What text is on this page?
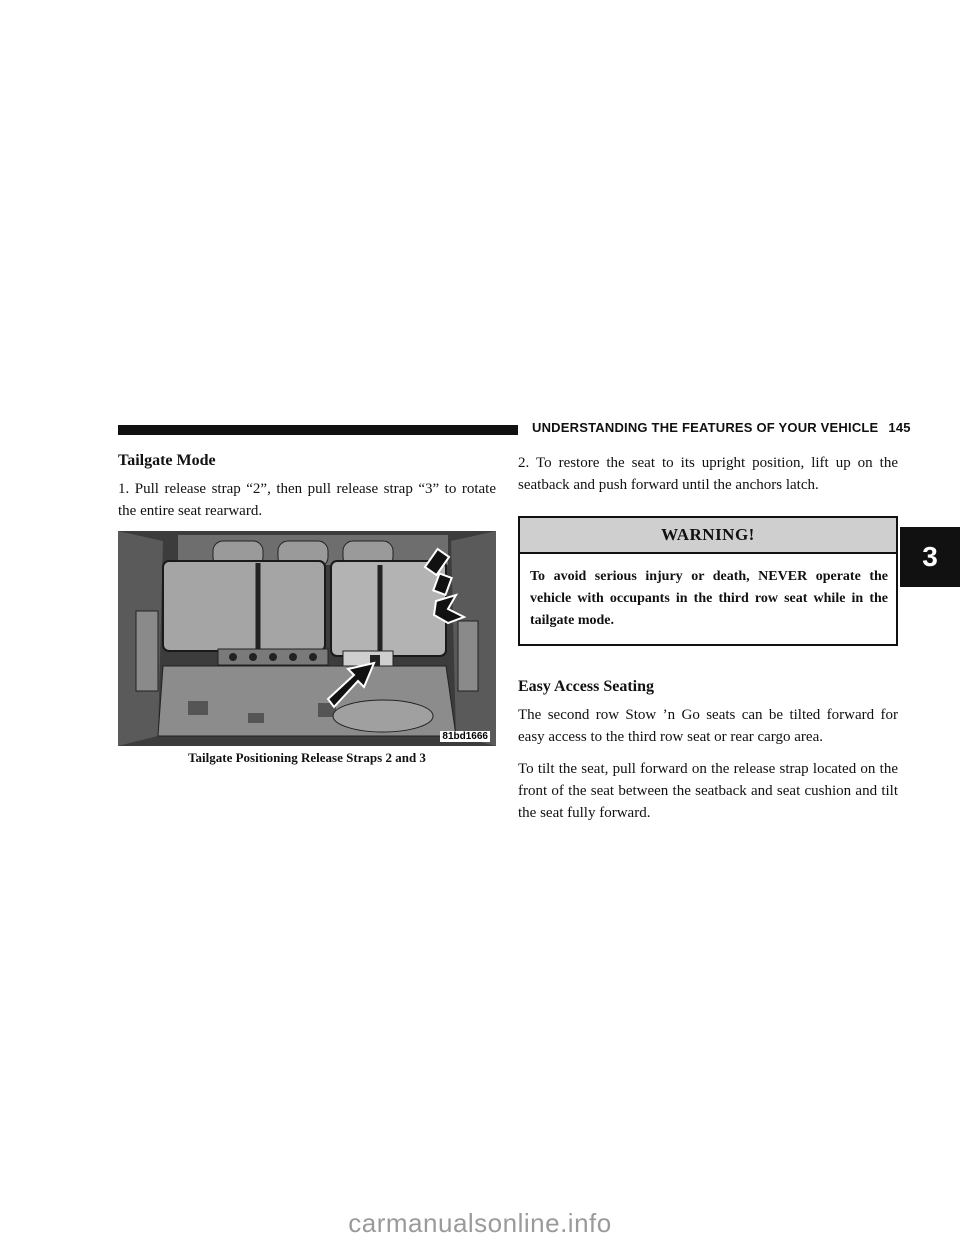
UNDERSTANDING THE FEATURES OF YOUR VEHICLE 145
3
Tailgate Mode

1. Pull release strap “2”, then pull release strap “3” to rotate the entire seat rearward.

81bd1666
Tailgate Positioning Release Straps 2 and 3

2. To restore the seat to its upright position, lift up on the seatback and push forward until the anchors latch.

WARNING!
To avoid serious injury or death, NEVER operate the vehicle with occupants in the third row seat while in the tailgate mode.
Easy Access Seating

The second row Stow ’n Go seats can be tilted forward for easy access to the third row seat or rear cargo area.

To tilt the seat, pull forward on the release strap located on the front of the seat between the seatback and seat cushion and tilt the seat fully forward.

carmanualsonline.info
